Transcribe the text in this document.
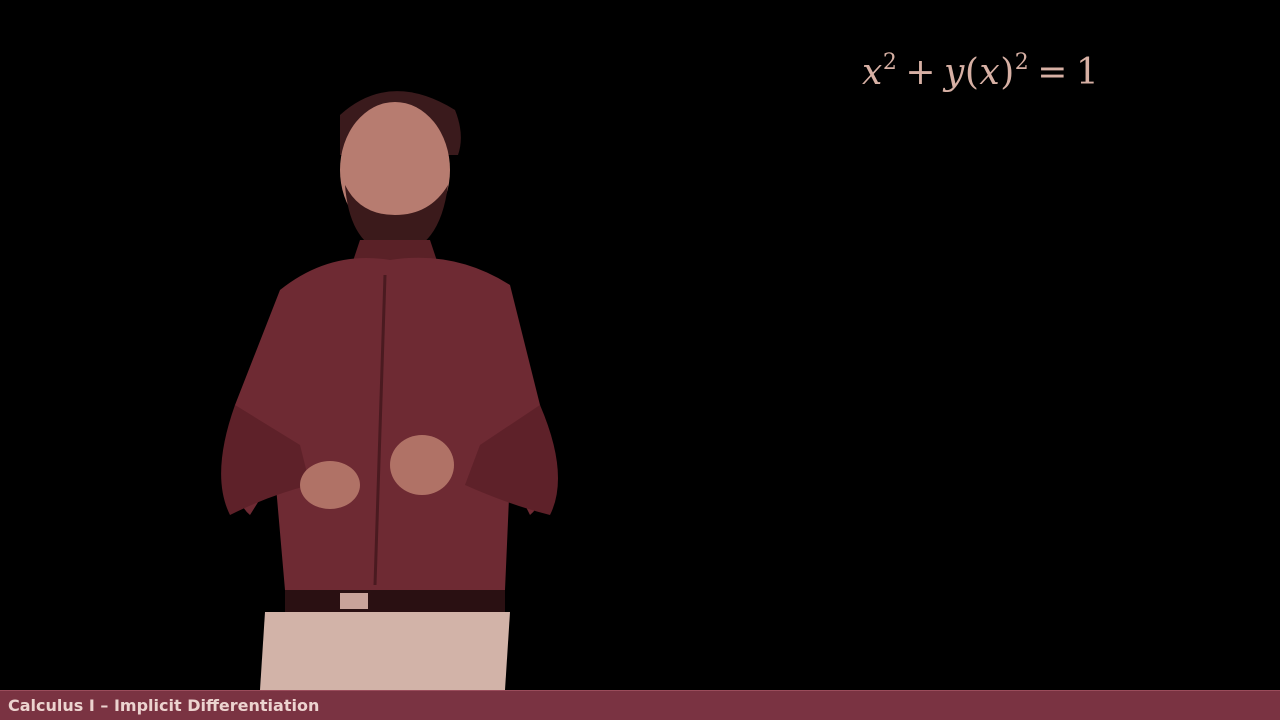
$x^2 + y(x)^2 = 1$
Calculus I – Implicit Differentiation
